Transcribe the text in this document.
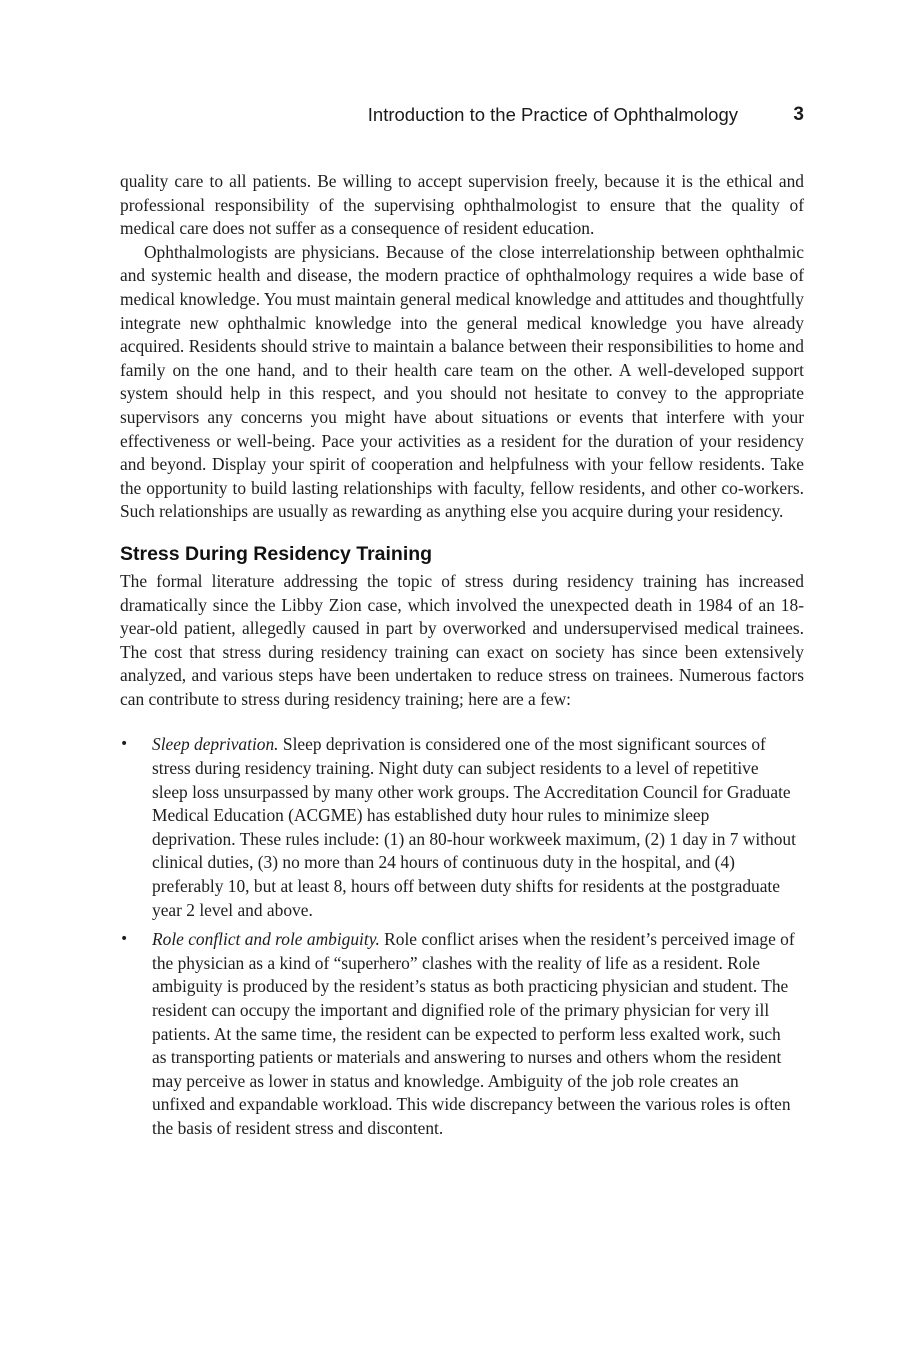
Introduction to the Practice of Ophthalmology	3

quality care to all patients. Be willing to accept supervision freely, because it is the ethical and professional responsibility of the supervising ophthalmologist to ensure that the quality of medical care does not suffer as a consequence of resident education.

Ophthalmologists are physicians. Because of the close interrelationship between ophthalmic and systemic health and disease, the modern practice of ophthalmology requires a wide base of medical knowledge. You must maintain general medical knowledge and attitudes and thoughtfully integrate new ophthalmic knowledge into the general medical knowledge you have already acquired. Residents should strive to maintain a balance between their responsibilities to home and family on the one hand, and to their health care team on the other. A well-developed support system should help in this respect, and you should not hesitate to convey to the appropriate supervisors any concerns you might have about situations or events that interfere with your effectiveness or well-being. Pace your activities as a resident for the duration of your residency and beyond. Display your spirit of cooperation and helpfulness with your fellow residents. Take the opportunity to build lasting relationships with faculty, fellow residents, and other co-workers. Such relationships are usually as rewarding as anything else you acquire during your residency.

Stress During Residency Training

The formal literature addressing the topic of stress during residency training has increased dramatically since the Libby Zion case, which involved the unexpected death in 1984 of an 18-year-old patient, allegedly caused in part by overworked and undersupervised medical trainees. The cost that stress during residency training can exact on society has since been extensively analyzed, and various steps have been undertaken to reduce stress on trainees. Numerous factors can contribute to stress during residency training; here are a few:

• Sleep deprivation. Sleep deprivation is considered one of the most significant sources of stress during residency training. Night duty can subject residents to a level of repetitive sleep loss unsurpassed by many other work groups. The Accreditation Council for Graduate Medical Education (ACGME) has established duty hour rules to minimize sleep deprivation. These rules include: (1) an 80-hour workweek maximum, (2) 1 day in 7 without clinical duties, (3) no more than 24 hours of continuous duty in the hospital, and (4) preferably 10, but at least 8, hours off between duty shifts for residents at the postgraduate year 2 level and above.
• Role conflict and role ambiguity. Role conflict arises when the resident’s perceived image of the physician as a kind of “superhero” clashes with the reality of life as a resident. Role ambiguity is produced by the resident’s status as both practicing physician and student. The resident can occupy the important and dignified role of the primary physician for very ill patients. At the same time, the resident can be expected to perform less exalted work, such as transporting patients or materials and answering to nurses and others whom the resident may perceive as lower in status and knowledge. Ambiguity of the job role creates an unfixed and expandable workload. This wide discrepancy between the various roles is often the basis of resident stress and discontent.
